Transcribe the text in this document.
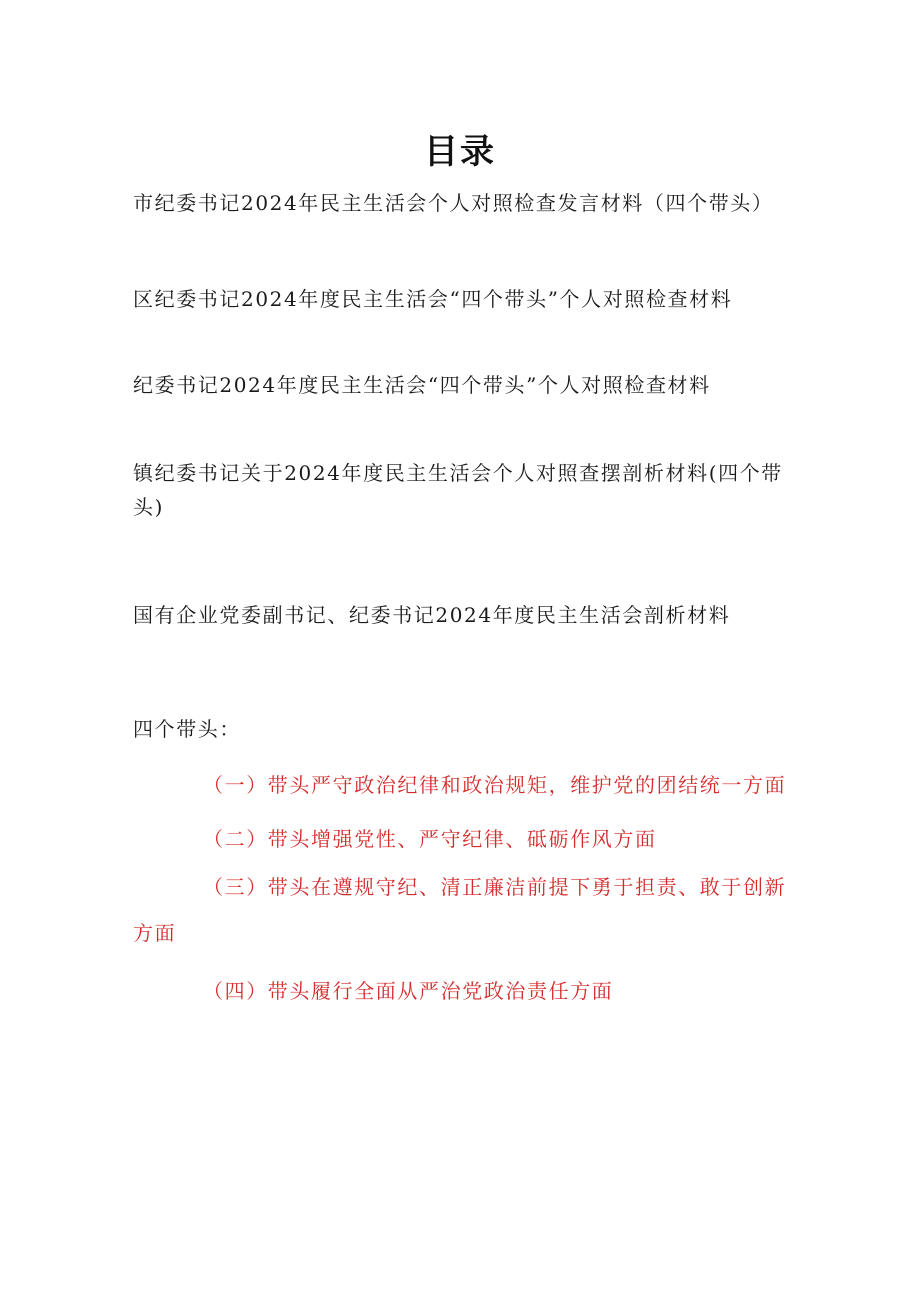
目录
市纪委书记2024年民主生活会个人对照检查发言材料（四个带头）
区纪委书记2024年度民主生活会“四个带头”个人对照检查材料
纪委书记2024年度民主生活会“四个带头”个人对照检查材料
镇纪委书记关于2024年度民主生活会个人对照查摆剖析材料(四个带头)
国有企业党委副书记、纪委书记2024年度民主生活会剖析材料
四个带头：
（一）带头严守政治纪律和政治规矩，维护党的团结统一方面
（二）带头增强党性、严守纪律、砥砺作风方面
（三）带头在遵规守纪、清正廉洁前提下勇于担责、敢于创新方面
（四）带头履行全面从严治党政治责任方面
